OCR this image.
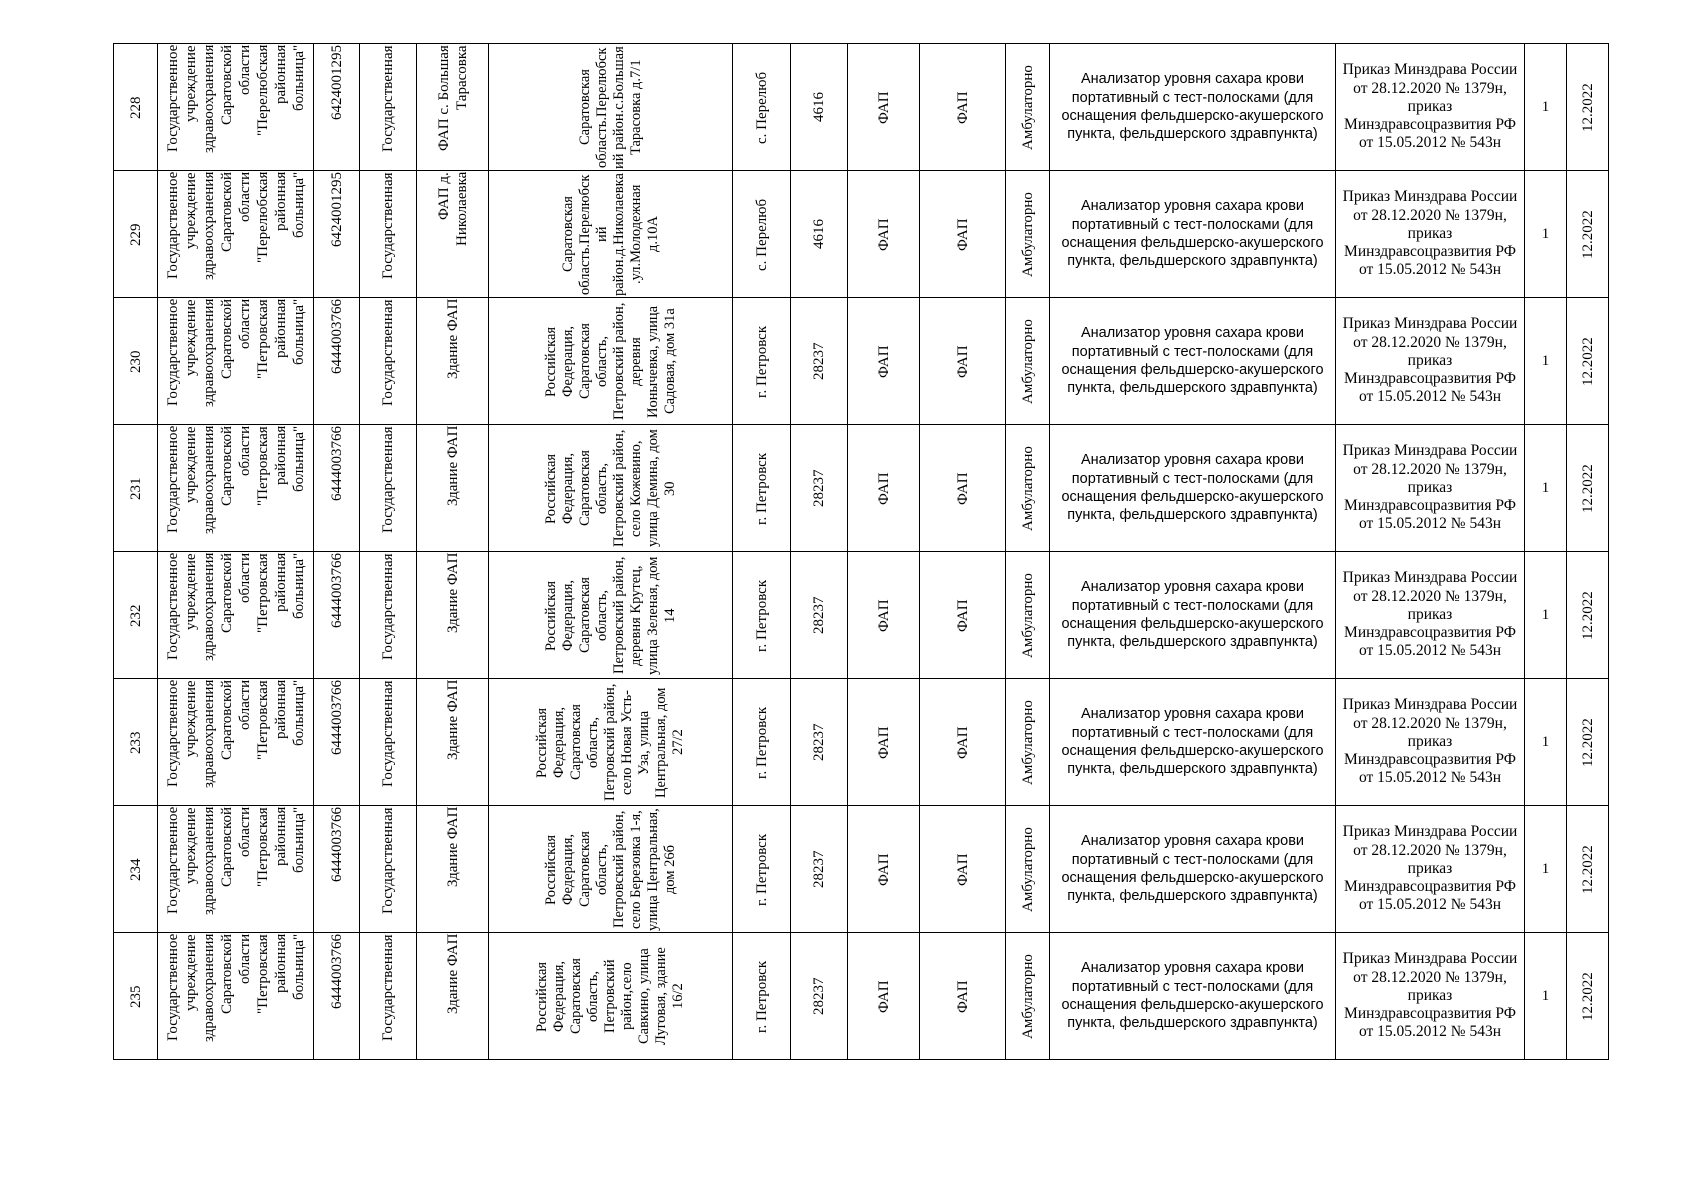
228	Государственное учреждение здравоохранения Саратовской области "Перелюбская районная больница"	6424001295	Государственная	ФАП с. Большая Тарасовка	Саратовская область.Перелюбский район.с.Большая Тарасовка д.7/1	с. Перелюб	4616	ФАП	ФАП	Амбулаторно	Анализатор уровня сахара крови портативный с тест-полосками (для оснащения фельдшерско-акушерского пункта, фельдшерского здравпункта)	Приказ Минздрава России от 28.12.2020 № 1379н, приказ Минздравсоцразвития РФ от 15.05.2012 № 543н	1	12.2022

229	Государственное учреждение здравоохранения Саратовской области "Перелюбская районная больница"	6424001295	Государственная	ФАП д. Николаевка	Саратовская область.Перелюбский район.д.Николаевка.ул.Молодежная д.10А	с. Перелюб	4616	ФАП	ФАП	Амбулаторно	Анализатор уровня сахара крови портативный с тест-полосками (для оснащения фельдшерско-акушерского пункта, фельдшерского здравпункта)	Приказ Минздрава России от 28.12.2020 № 1379н, приказ Минздравсоцразвития РФ от 15.05.2012 № 543н	1	12.2022

230	Государственное учреждение здравоохранения Саратовской области "Петровская районная больница"	6444003766	Государственная	Здание ФАП	Российская Федерация, Саратовская область, Петровский район, деревня Ионычевка, улица Садовая, дом 31а	г. Петровск	28237	ФАП	ФАП	Амбулаторно	Анализатор уровня сахара крови портативный с тест-полосками (для оснащения фельдшерско-акушерского пункта, фельдшерского здравпункта)	Приказ Минздрава России от 28.12.2020 № 1379н, приказ Минздравсоцразвития РФ от 15.05.2012 № 543н	1	12.2022

231	Государственное учреждение здравоохранения Саратовской области "Петровская районная больница"	6444003766	Государственная	Здание ФАП	Российская Федерация, Саратовская область, Петровский район, село Кожевино, улица Демина, дом 30	г. Петровск	28237	ФАП	ФАП	Амбулаторно	Анализатор уровня сахара крови портативный с тест-полосками (для оснащения фельдшерско-акушерского пункта, фельдшерского здравпункта)	Приказ Минздрава России от 28.12.2020 № 1379н, приказ Минздравсоцразвития РФ от 15.05.2012 № 543н	1	12.2022

232	Государственное учреждение здравоохранения Саратовской области "Петровская районная больница"	6444003766	Государственная	Здание ФАП	Российская Федерация, Саратовская область, Петровский район, деревня Крутец, улица Зеленая, дом 14	г. Петровск	28237	ФАП	ФАП	Амбулаторно	Анализатор уровня сахара крови портативный с тест-полосками (для оснащения фельдшерско-акушерского пункта, фельдшерского здравпункта)	Приказ Минздрава России от 28.12.2020 № 1379н, приказ Минздравсоцразвития РФ от 15.05.2012 № 543н	1	12.2022

233	Государственное учреждение здравоохранения Саратовской области "Петровская районная больница"	6444003766	Государственная	Здание ФАП	Российская Федерация, Саратовская область, Петровский район, село Новая Усть-Уза, улица Центральная, дом 27/2	г. Петровск	28237	ФАП	ФАП	Амбулаторно	Анализатор уровня сахара крови портативный с тест-полосками (для оснащения фельдшерско-акушерского пункта, фельдшерского здравпункта)	Приказ Минздрава России от 28.12.2020 № 1379н, приказ Минздравсоцразвития РФ от 15.05.2012 № 543н	1	12.2022

234	Государственное учреждение здравоохранения Саратовской области "Петровская районная больница"	6444003766	Государственная	Здание ФАП	Российская Федерация, Саратовская область, Петровский район, село Березовка 1-я, улица Центральная, дом 26б	г. Петровск	28237	ФАП	ФАП	Амбулаторно	Анализатор уровня сахара крови портативный с тест-полосками (для оснащения фельдшерско-акушерского пункта, фельдшерского здравпункта)	Приказ Минздрава России от 28.12.2020 № 1379н, приказ Минздравсоцразвития РФ от 15.05.2012 № 543н	1	12.2022

235	Государственное учреждение здравоохранения Саратовской области "Петровская районная больница"	6444003766	Государственная	Здание ФАП	Российская Федерация, Саратовская область, Петровский район,село Савкино, улица Луговая, здание 16/2	г. Петровск	28237	ФАП	ФАП	Амбулаторно	Анализатор уровня сахара крови портативный с тест-полосками (для оснащения фельдшерско-акушерского пункта, фельдшерского здравпункта)	Приказ Минздрава России от 28.12.2020 № 1379н, приказ Минздравсоцразвития РФ от 15.05.2012 № 543н	1	12.2022
